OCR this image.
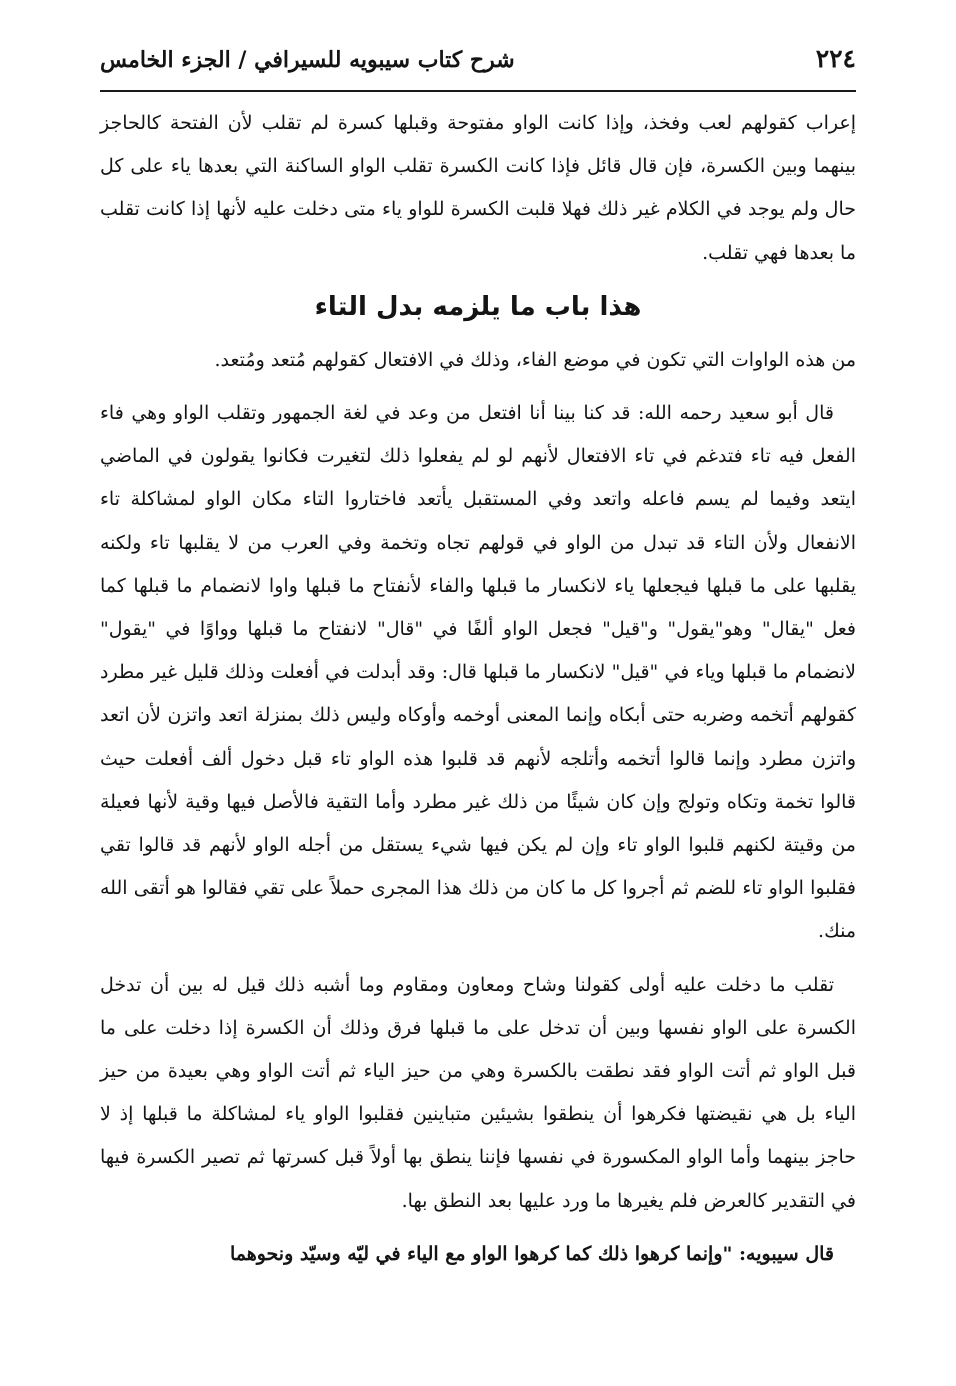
٢٢٤
شرح كتاب سيبويه للسيرافي / الجزء الخامس

إعراب كقولهم لعب وفخذ، وإذا كانت الواو مفتوحة وقبلها كسرة لم تقلب لأن الفتحة كالحاجز بينهما وبين الكسرة، فإن قال قائل فإذا كانت الكسرة تقلب الواو الساكنة التي بعدها ياء على كل حال ولم يوجد في الكلام غير ذلك فهلا قلبت الكسرة للواو ياء متى دخلت عليه لأنها إذا كانت تقلب ما بعدها فهي تقلب.

هذا باب ما يلزمه بدل التاء

من هذه الواوات التي تكون في موضع الفاء، وذلك في الافتعال كقولهم مُتعد ومُتعد.

قال أبو سعيد رحمه الله: قد كنا بينا أنا افتعل من وعد في لغة الجمهور وتقلب الواو وهي فاء الفعل فيه تاء فتدغم في تاء الافتعال لأنهم لو لم يفعلوا ذلك لتغيرت فكانوا يقولون في الماضي ايتعد وفيما لم يسم فاعله واتعد وفي المستقبل يأتعد فاختاروا التاء مكان الواو لمشاكلة تاء الانفعال ولأن التاء قد تبدل من الواو في قولهم تجاه وتخمة وفي العرب من لا يقلبها تاء ولكنه يقلبها على ما قبلها فيجعلها ياء لانكسار ما قبلها والفاء لأنفتاح ما قبلها واوا لانضمام ما قبلها كما فعل "يقال" وهو"يقول" و"قيل" فجعل الواو ألفًا في "قال" لانفتاح ما قبلها وواوًا في "يقول" لانضمام ما قبلها وياء في "قيل" لانكسار ما قبلها قال: وقد أبدلت في أفعلت وذلك قليل غير مطرد كقولهم أتخمه وضربه حتى أبكاه وإنما المعنى أوخمه وأوكاه وليس ذلك بمنزلة اتعد واتزن لأن اتعد واتزن مطرد وإنما قالوا أتخمه وأتلجه لأنهم قد قلبوا هذه الواو تاء قبل دخول ألف أفعلت حيث قالوا تخمة وتكاه وتولج وإن كان شيئًا من ذلك غير مطرد وأما التقية فالأصل فيها وقية لأنها فعيلة من وقيتة لكنهم قلبوا الواو تاء وإن لم يكن فيها شيء يستقل من أجله الواو لأنهم قد قالوا تقي فقلبوا الواو تاء للضم ثم أجروا كل ما كان من ذلك هذا المجرى حملاً على تقي فقالوا هو أتقى الله منك.

تقلب ما دخلت عليه أولى كقولنا وشاح ومعاون ومقاوم وما أشبه ذلك قيل له بين أن تدخل الكسرة على الواو نفسها وبين أن تدخل على ما قبلها فرق وذلك أن الكسرة إذا دخلت على ما قبل الواو ثم أتت الواو فقد نطقت بالكسرة وهي من حيز الياء ثم أتت الواو وهي بعيدة من حيز الياء بل هي نقيضتها فكرهوا أن ينطقوا بشيئين متباينين فقلبوا الواو ياء لمشاكلة ما قبلها إذ لا حاجز بينهما وأما الواو المكسورة في نفسها فإننا ينطق بها أولاً قبل كسرتها ثم تصير الكسرة فيها في التقدير كالعرض فلم يغيرها ما ورد عليها بعد النطق بها.

قال سيبويه: "وإنما كرهوا ذلك كما كرهوا الواو مع الياء في ليّه وسيّد ونحوهما
